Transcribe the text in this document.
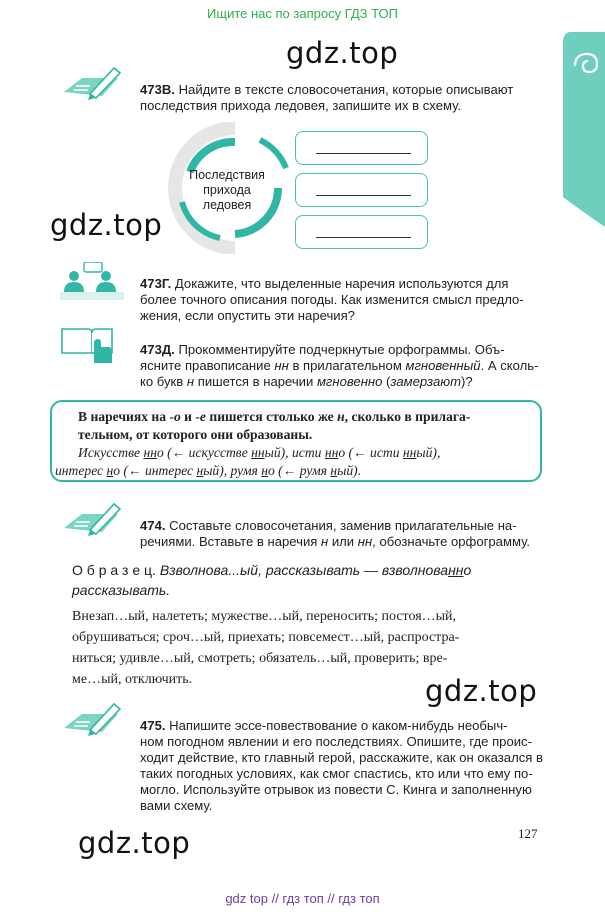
Ищите нас по запросу ГДЗ ТОП
gdz.top
gdz.top
gdz.top
gdz.top
473В. Найдите в тексте словосочетания, которые описывают
последствия прихода ледовея, запишите их в схему.
Последствия
прихода
ледовея
473Г. Докажите, что выделенные наречия используются для
более точного описания погоды. Как изменится смысл предло-
жения, если опустить эти наречия?
473Д. Прокомментируйте подчеркнутые орфограммы. Объ-
ясните правописание нн в прилагательном мгновенный. А сколь-
ко букв н пишется в наречии мгновенно (замерзают)?
В наречиях на -о и -е пишется столько же н, сколько в прилага-
тельном, от которого они образованы.
Искусстве нно (← искусстве нный), исти нно (← исти нный),
интерес но (← интерес ный), румя но (← румя ный).
474. Составьте словосочетания, заменив прилагательные на-
речиями. Вставьте в наречия н или нн, обозначьте орфограмму.
О б р а з е ц. Взволнова...ый, рассказывать — взволнованно
рассказывать.
Внезап…ый, налететь; мужестве…ый, переносить; постоя…ый,
обрушиваться; сроч…ый, приехать; повсемест…ый, распростра-
ниться; удивле…ый, смотреть; обязатель…ый, проверить; вре-
ме…ый, отключить.
475. Напишите эссе-повествование о каком-нибудь необыч-
ном погодном явлении и его последствиях. Опишите, где проис-
ходит действие, кто главный герой, расскажите, как он оказался в
таких погодных условиях, как смог спастись, кто или что ему по-
могло. Используйте отрывок из повести С. Кинга и заполненную
вами схему.
127
gdz top // гдз топ // гдз топ
